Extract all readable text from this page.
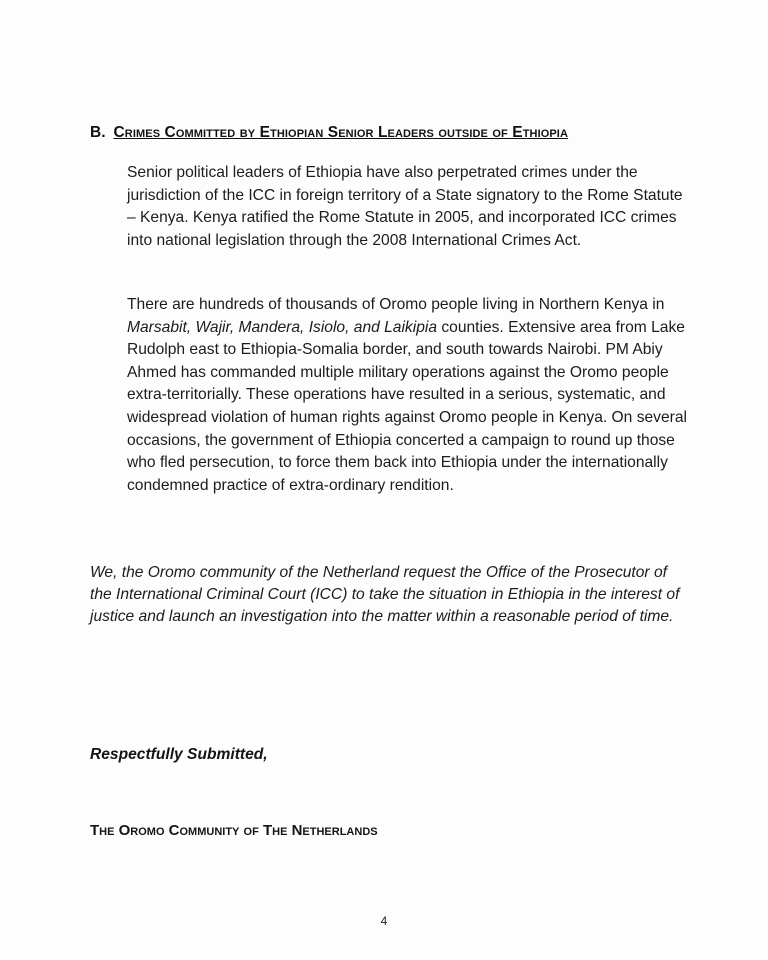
B. Crimes Committed by Ethiopian Senior Leaders outside of Ethiopia

Senior political leaders of Ethiopia have also perpetrated crimes under the jurisdiction of the ICC in foreign territory of a State signatory to the Rome Statute – Kenya. Kenya ratified the Rome Statute in 2005, and incorporated ICC crimes into national legislation through the 2008 International Crimes Act.

There are hundreds of thousands of Oromo people living in Northern Kenya in Marsabit, Wajir, Mandera, Isiolo, and Laikipia counties. Extensive area from Lake Rudolph east to Ethiopia-Somalia border, and south towards Nairobi. PM Abiy Ahmed has commanded multiple military operations against the Oromo people extra-territorially. These operations have resulted in a serious, systematic, and widespread violation of human rights against Oromo people in Kenya. On several occasions, the government of Ethiopia concerted a campaign to round up those who fled persecution, to force them back into Ethiopia under the internationally condemned practice of extra-ordinary rendition.

We, the Oromo community of the Netherland request the Office of the Prosecutor of the International Criminal Court (ICC) to take the situation in Ethiopia in the interest of justice and launch an investigation into the matter within a reasonable period of time.
Respectfully Submitted,
The Oromo Community of The Netherlands
4
